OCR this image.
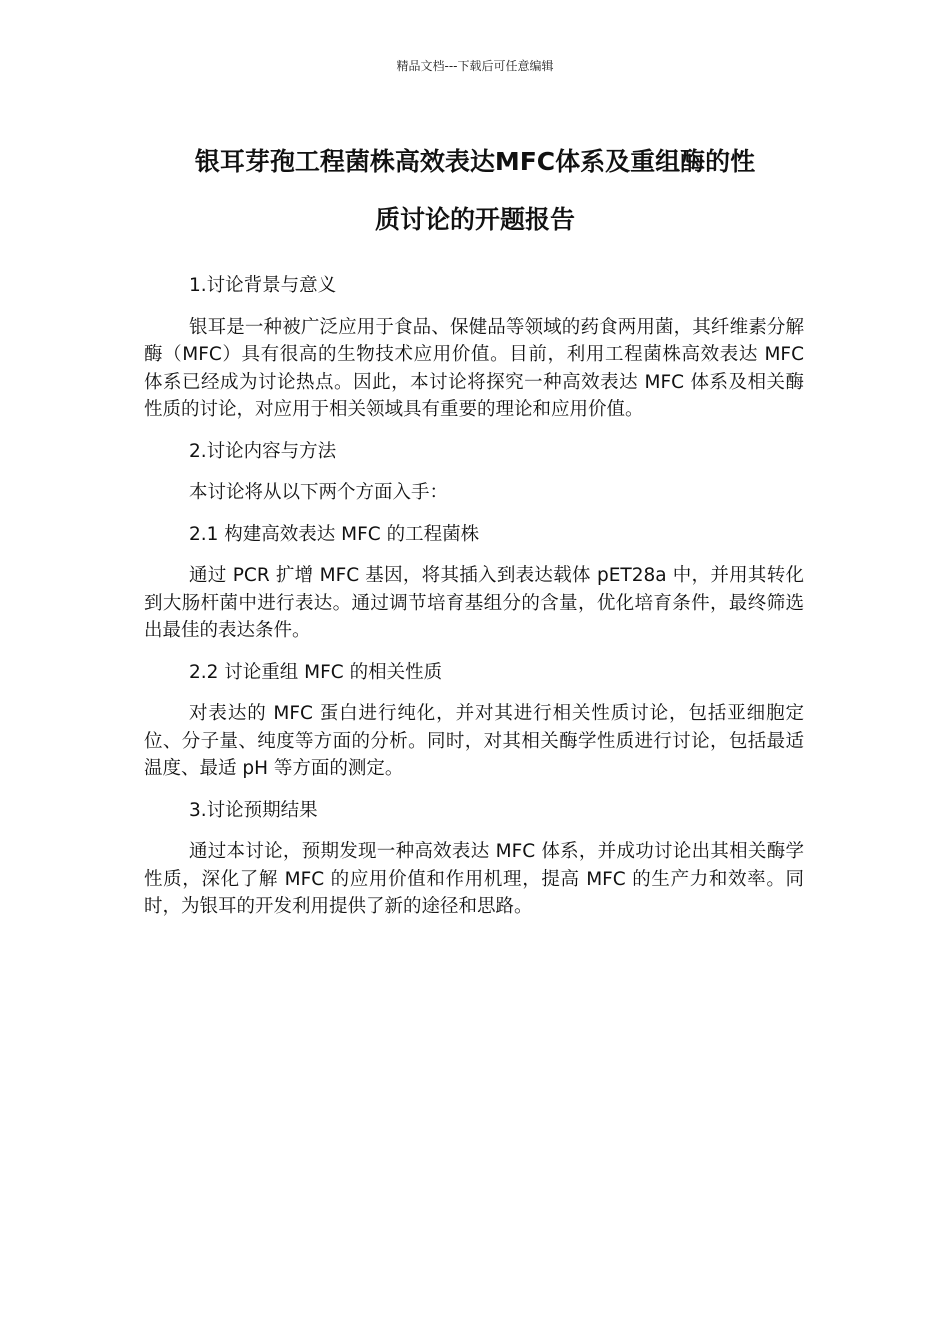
精品文档---下载后可任意编辑
银耳芽孢工程菌株高效表达MFC体系及重组酶的性
质讨论的开题报告

1.讨论背景与意义

银耳是一种被广泛应用于食品、保健品等领域的药食两用菌，其纤维素分解酶（MFC）具有很高的生物技术应用价值。目前，利用工程菌株高效表达 MFC 体系已经成为讨论热点。因此，本讨论将探究一种高效表达 MFC 体系及相关酶性质的讨论，对应用于相关领域具有重要的理论和应用价值。

2.讨论内容与方法

本讨论将从以下两个方面入手：

2.1 构建高效表达 MFC 的工程菌株

通过 PCR 扩增 MFC 基因，将其插入到表达载体 pET28a 中，并用其转化到大肠杆菌中进行表达。通过调节培育基组分的含量，优化培育条件，最终筛选出最佳的表达条件。

2.2 讨论重组 MFC 的相关性质

对表达的 MFC 蛋白进行纯化，并对其进行相关性质讨论，包括亚细胞定位、分子量、纯度等方面的分析。同时，对其相关酶学性质进行讨论，包括最适温度、最适 pH 等方面的测定。

3.讨论预期结果

通过本讨论，预期发现一种高效表达 MFC 体系，并成功讨论出其相关酶学性质，深化了解 MFC 的应用价值和作用机理，提高 MFC 的生产力和效率。同时，为银耳的开发利用提供了新的途径和思路。
